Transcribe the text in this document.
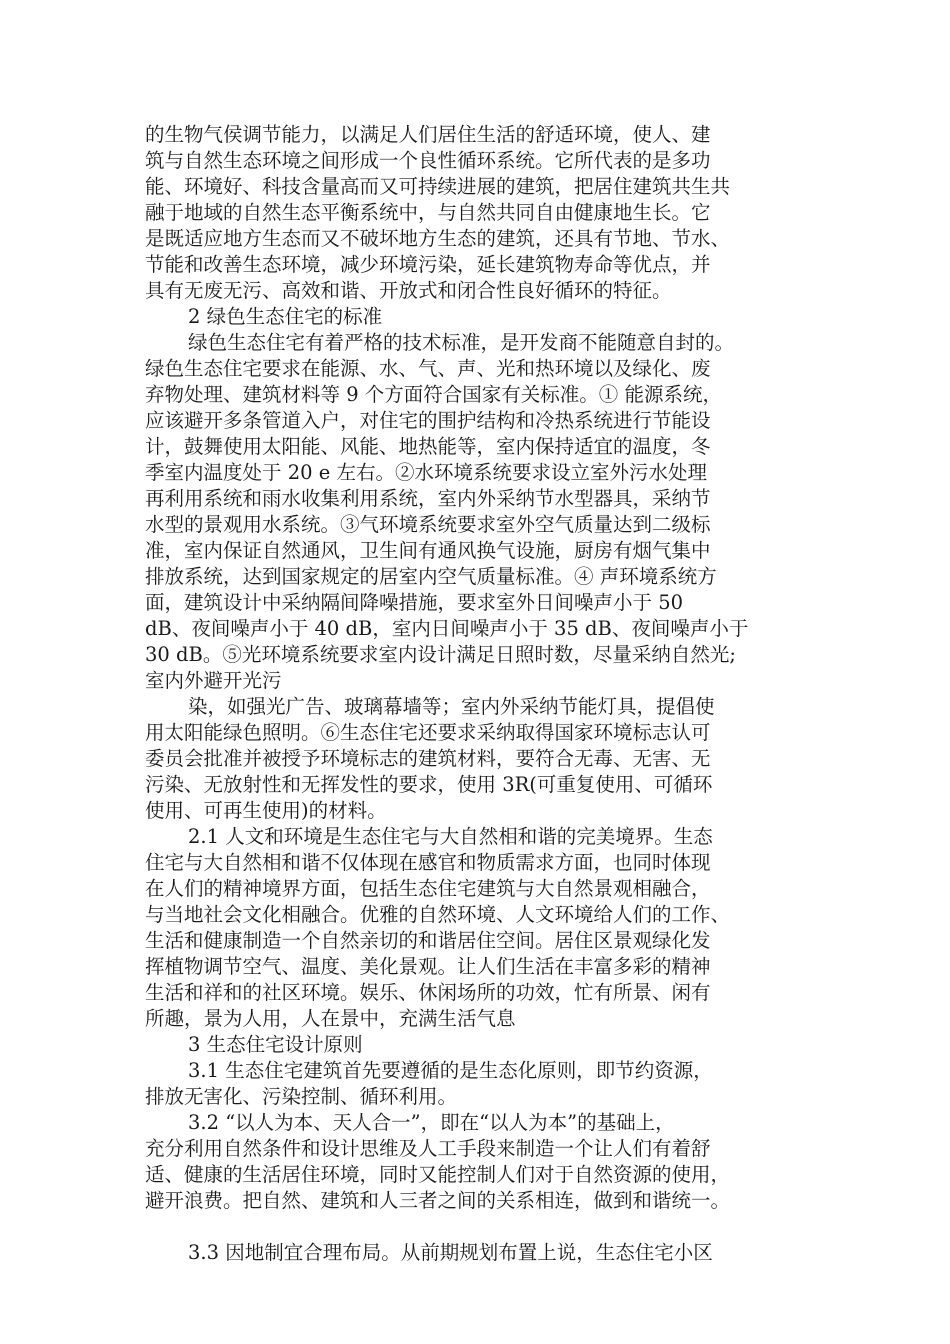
的生物气侯调节能力，以满足人们居住生活的舒适环境，使人、建
筑与自然生态环境之间形成一个良性循环系统。它所代表的是多功
能、环境好、科技含量高而又可持续进展的建筑，把居住建筑共生共
融于地域的自然生态平衡系统中，与自然共同自由健康地生长。它
是既适应地方生态而又不破坏地方生态的建筑，还具有节地、节水、
节能和改善生态环境，减少环境污染，延长建筑物寿命等优点，并
具有无废无污、高效和谐、开放式和闭合性良好循环的特征。
2 绿色生态住宅的标准
绿色生态住宅有着严格的技术标准，是开发商不能随意自封的。
绿色生态住宅要求在能源、水、气、声、光和热环境以及绿化、废
弃物处理、建筑材料等 9 个方面符合国家有关标准。① 能源系统，
应该避开多条管道入户，对住宅的围护结构和冷热系统进行节能设
计，鼓舞使用太阳能、风能、地热能等，室内保持适宜的温度，冬
季室内温度处于 20 e 左右。②水环境系统要求设立室外污水处理
再利用系统和雨水收集利用系统，室内外采纳节水型器具，采纳节
水型的景观用水系统。③气环境系统要求室外空气质量达到二级标
准，室内保证自然通风，卫生间有通风换气设施，厨房有烟气集中
排放系统，达到国家规定的居室内空气质量标准。④ 声环境系统方
面，建筑设计中采纳隔间降噪措施，要求室外日间噪声小于 50
dB、夜间噪声小于 40 dB，室内日间噪声小于 35 dB、夜间噪声小于
30 dB。⑤光环境系统要求室内设计满足日照时数，尽量采纳自然光;
室内外避开光污
染，如强光广告、玻璃幕墙等；室内外采纳节能灯具，提倡使
用太阳能绿色照明。⑥生态住宅还要求采纳取得国家环境标志认可
委员会批准并被授予环境标志的建筑材料，要符合无毒、无害、无
污染、无放射性和无挥发性的要求，使用 3R(可重复使用、可循环
使用、可再生使用)的材料。
2.1 人文和环境是生态住宅与大自然相和谐的完美境界。生态
住宅与大自然相和谐不仅体现在感官和物质需求方面，也同时体现
在人们的精神境界方面，包括生态住宅建筑与大自然景观相融合，
与当地社会文化相融合。优雅的自然环境、人文环境给人们的工作、
生活和健康制造一个自然亲切的和谐居住空间。居住区景观绿化发
挥植物调节空气、温度、美化景观。让人们生活在丰富多彩的精神
生活和祥和的社区环境。娱乐、休闲场所的功效，忙有所景、闲有
所趣，景为人用，人在景中，充满生活气息
3 生态住宅设计原则
3.1 生态住宅建筑首先要遵循的是生态化原则，即节约资源，
排放无害化、污染控制、循环利用。
3.2 “以人为本、天人合一”，即在“以人为本”的基础上，
充分利用自然条件和设计思维及人工手段来制造一个让人们有着舒
适、健康的生活居住环境，同时又能控制人们对于自然资源的使用，
避开浪费。把自然、建筑和人三者之间的关系相连，做到和谐统一。
3.3 因地制宜合理布局。从前期规划布置上说，生态住宅小区
